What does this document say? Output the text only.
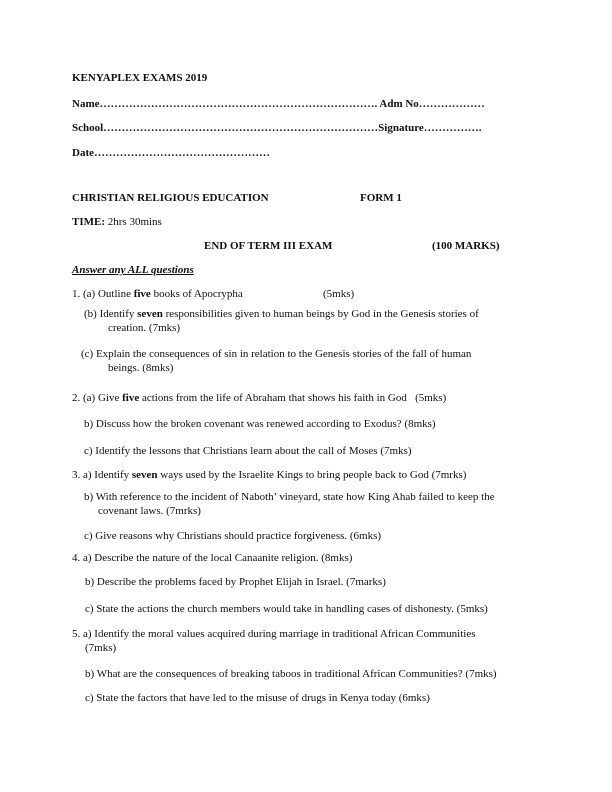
KENYAPLEX EXAMS 2019
Name…………………………………………………………………. Adm No………………
School…………………………………………………………………Signature…………….
Date…………………………………………
CHRISTIAN RELIGIOUS EDUCATION	FORM 1
TIME: 2hrs 30mins
END OF TERM III EXAM	(100 MARKS)
Answer any ALL questions
1. (a) Outline five books of Apocrypha	(5mks)
(b) Identify seven responsibilities given to human beings by God in the Genesis stories of
creation. (7mks)
(c) Explain the consequences of sin in relation to the Genesis stories of the fall of human
beings. (8mks)
2. (a) Give five actions from the life of Abraham that shows his faith in God   (5mks)
b) Discuss how the broken covenant was renewed according to Exodus? (8mks)
c) Identify the lessons that Christians learn about the call of Moses (7mks)
3. a) Identify seven ways used by the Israelite Kings to bring people back to God (7mrks)
b) With reference to the incident of Naboth’ vineyard, state how King Ahab failed to keep the
covenant laws. (7mrks)
c) Give reasons why Christians should practice forgiveness. (6mks)
4. a) Describe the nature of the local Canaanite religion. (8mks)
b) Describe the problems faced by Prophet Elijah in Israel. (7marks)
c) State the actions the church members would take in handling cases of dishonesty. (5mks)
5. a) Identify the moral values acquired during marriage in traditional African Communities
(7mks)
b) What are the consequences of breaking taboos in traditional African Communities? (7mks)
c) State the factors that have led to the misuse of drugs in Kenya today (6mks)
